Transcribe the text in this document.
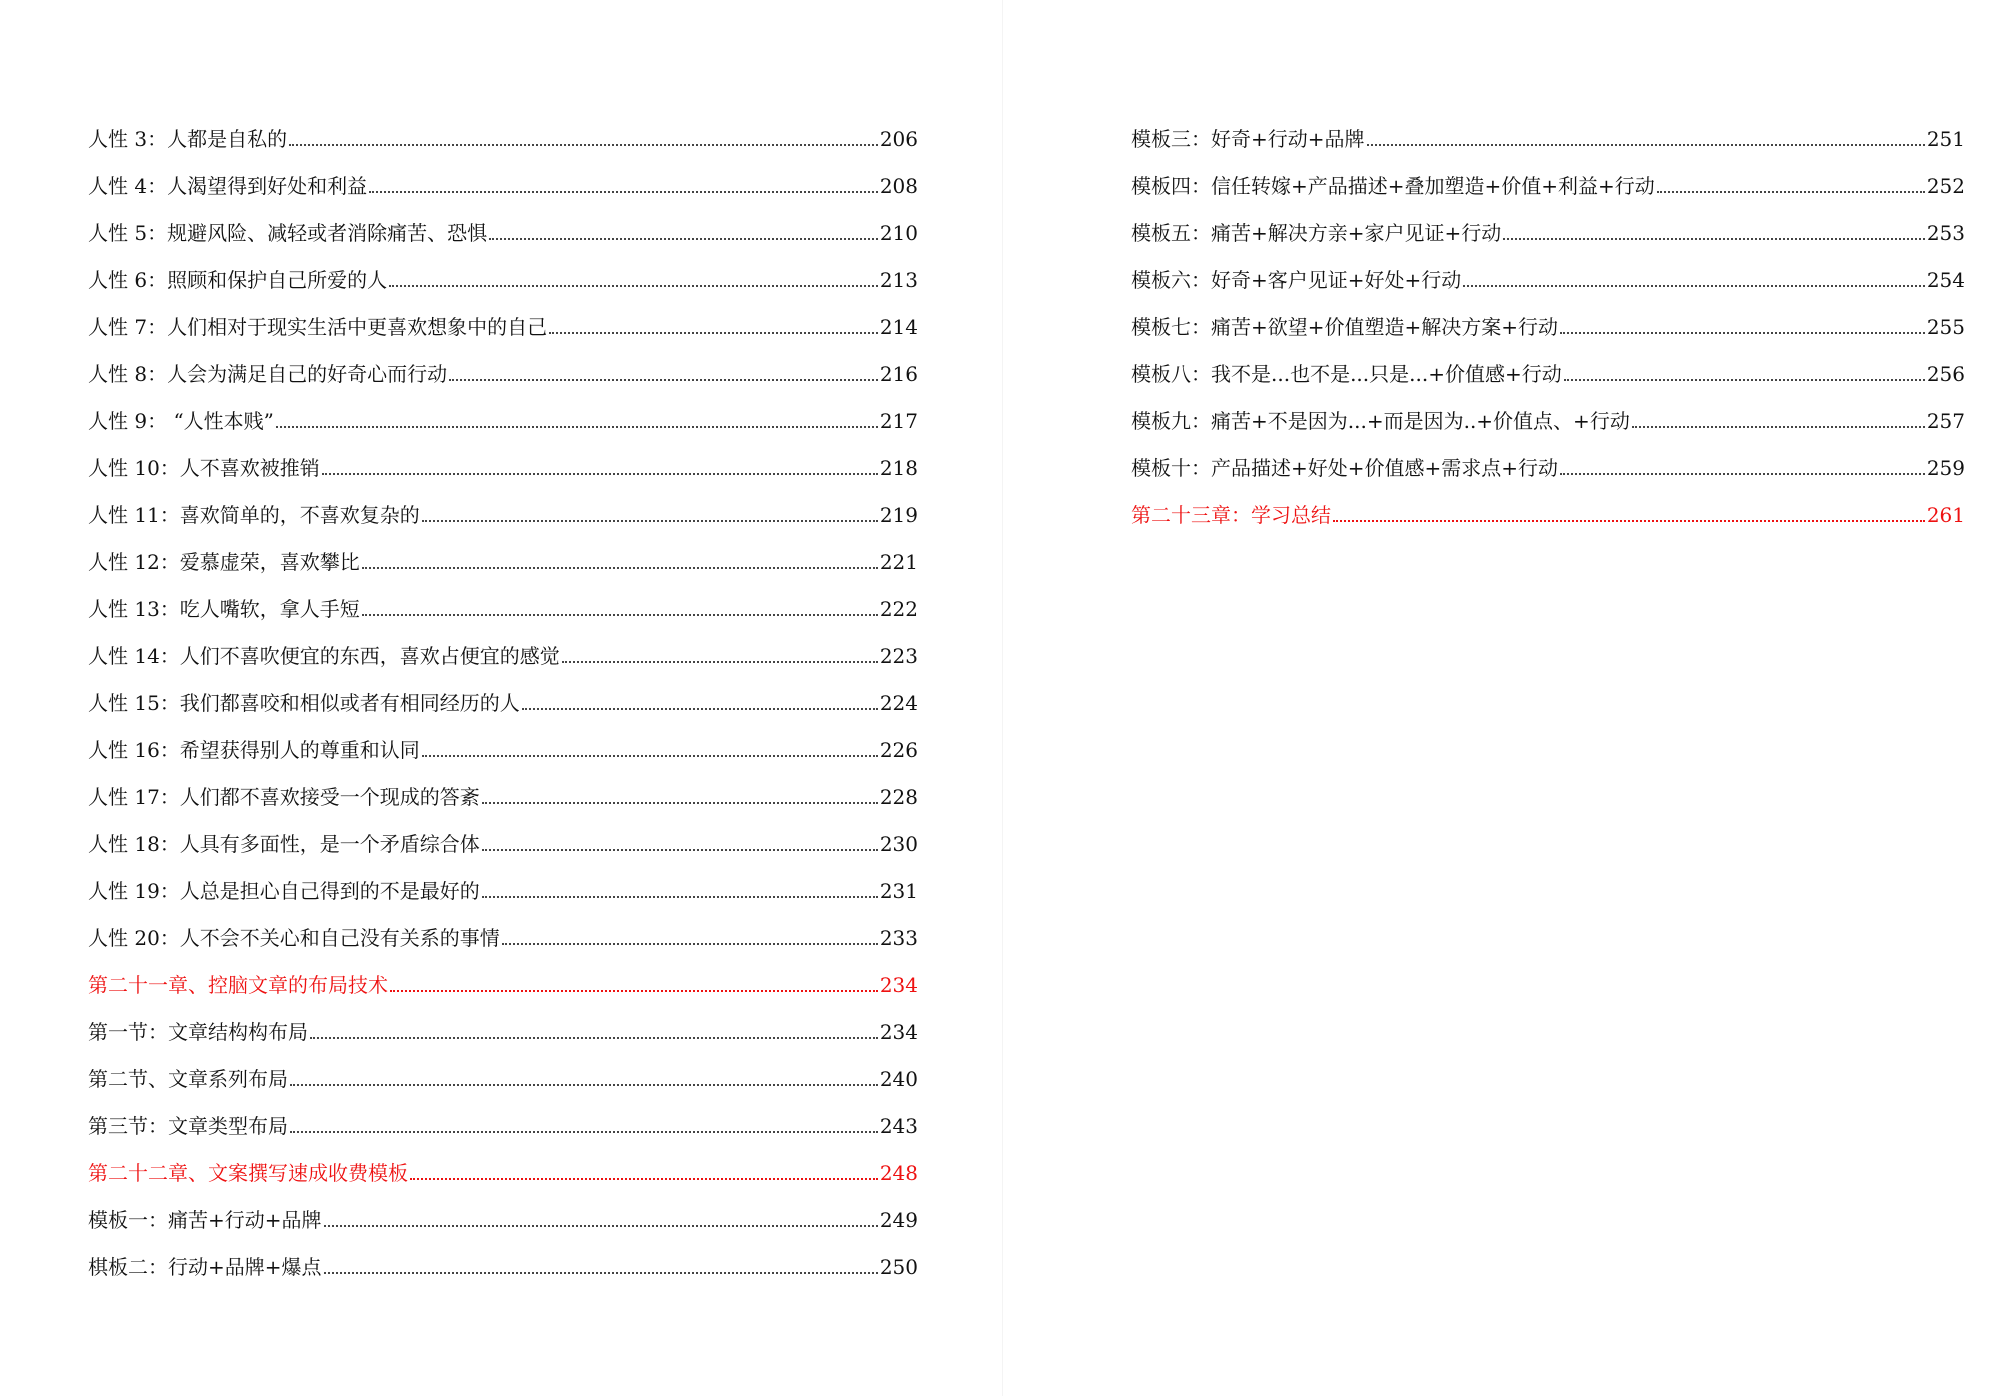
人性 3：人都是自私的	206
人性 4：人渴望得到好处和利益	208
人性 5：规避风险、减轻或者消除痛苦、恐惧	210
人性 6：照顾和保护自己所爱的人	213
人性 7：人们相对于现实生活中更喜欢想象中的自己	214
人性 8：人会为满足自己的好奇心而行动	216
人性 9： “人性本贱”	217
人性 10：人不喜欢被推销	218
人性 11：喜欢简单的，不喜欢复杂的	219
人性 12：爱慕虚荣，喜欢攀比	221
人性 13：吃人嘴软，拿人手短	222
人性 14：人们不喜吹便宜的东西，喜欢占便宜的感觉	223
人性 15：我们都喜咬和相似或者有相同经历的人	224
人性 16：希望获得别人的尊重和认同	226
人性 17：人们都不喜欢接受一个现成的答紊	228
人性 18：人具有多面性，是一个矛盾综合体	230
人性 19：人总是担心自己得到的不是最好的	231
人性 20：人不会不关心和自己没有关系的事情	233
第二十一章、控脑文章的布局技术	234
第一节：文章结构构布局	234
第二节、文章系列布局	240
第三节：文章类型布局	243
第二十二章、文案撰写速成收费模板	248
模板一：痛苦+行动+品牌	249
棋板二：行动+品牌+爆点	250
模板三：好奇+行动+品牌	251
模板四：信任转嫁+产品描述+叠加塑造+价值+利益+行动	252
模板五：痛苦+解决方亲+家户见证+行动	253
模板六：好奇+客户见证+好处+行动	254
模板七：痛苦+欲望+价值塑造+解决方案+行动	255
模板八：我不是...也不是...只是...+价值感+行动	256
模板九：痛苦+不是因为...+而是因为..+价值点、+行动	257
模板十：产品描述+好处+价值感+需求点+行动	259
第二十三章：学习总结	261
